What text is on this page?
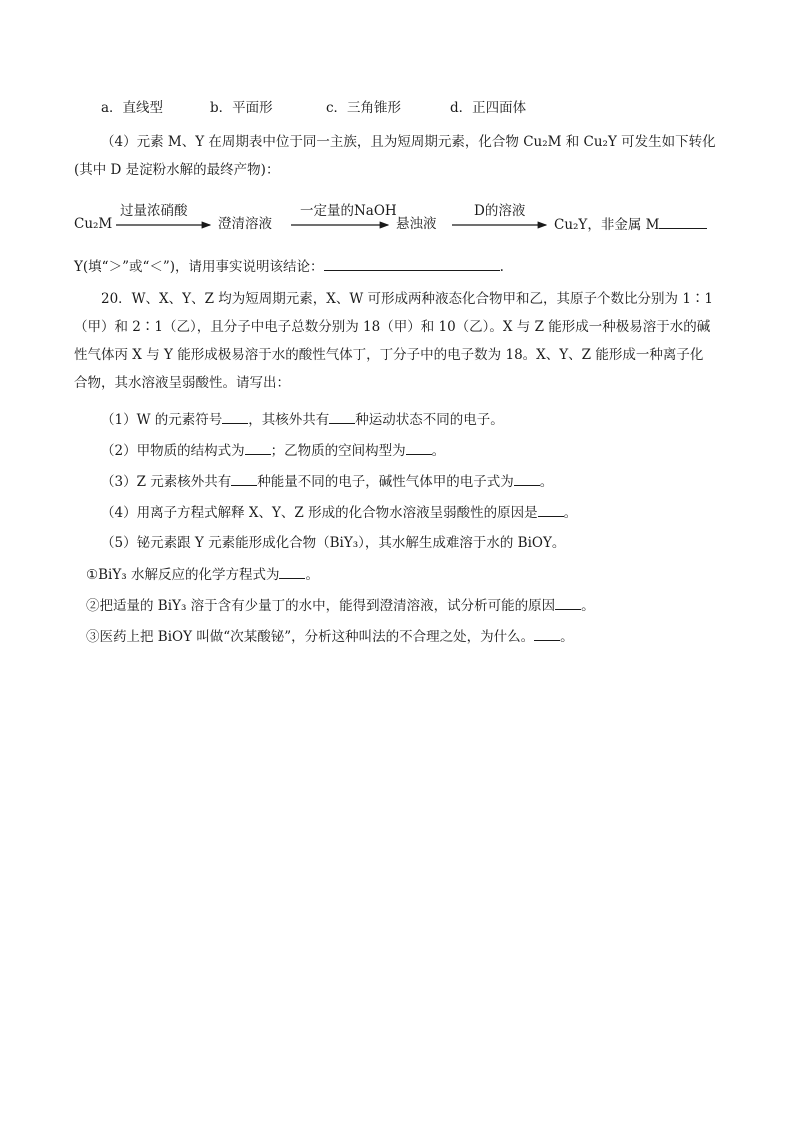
a．直线型	b．平面形	c．三角锥形	d．正四面体
（4）元素 M、Y 在周期表中位于同一主族，且为短周期元素，化合物 Cu₂M 和 Cu₂Y 可发生如下转化
(其中 D 是淀粉水解的最终产物)：
Cu₂M
过量浓硝酸
澄清溶液
一定量的NaOH
悬浊液
D的溶液
Cu₂Y，非金属 M
Y(填“＞”或“＜”)，请用事实说明该结论：	.
20．W、X、Y、Z 均为短周期元素，X、W 可形成两种液态化合物甲和乙，其原子个数比分别为 1∶1
（甲）和 2∶1（乙），且分子中电子总数分别为 18（甲）和 10（乙）。X 与 Z 能形成一种极易溶于水的碱
性气体丙 X 与 Y 能形成极易溶于水的酸性气体丁，丁分子中的电子数为 18。X、Y、Z 能形成一种离子化
合物，其水溶液呈弱酸性。请写出：
（1）W 的元素符号 ，其核外共有 种运动状态不同的电子。
（2）甲物质的结构式为 ；乙物质的空间构型为 。
（3）Z 元素核外共有 种能量不同的电子，碱性气体甲的电子式为 。
（4）用离子方程式解释 X、Y、Z 形成的化合物水溶液呈弱酸性的原因是 。
（5）铋元素跟 Y 元素能形成化合物（BiY₃），其水解生成难溶于水的 BiOY。
①BiY₃ 水解反应的化学方程式为 。
②把适量的 BiY₃ 溶于含有少量丁的水中，能得到澄清溶液，试分析可能的原因 。
③医药上把 BiOY 叫做“次某酸铋”，分析这种叫法的不合理之处，为什么。 。
